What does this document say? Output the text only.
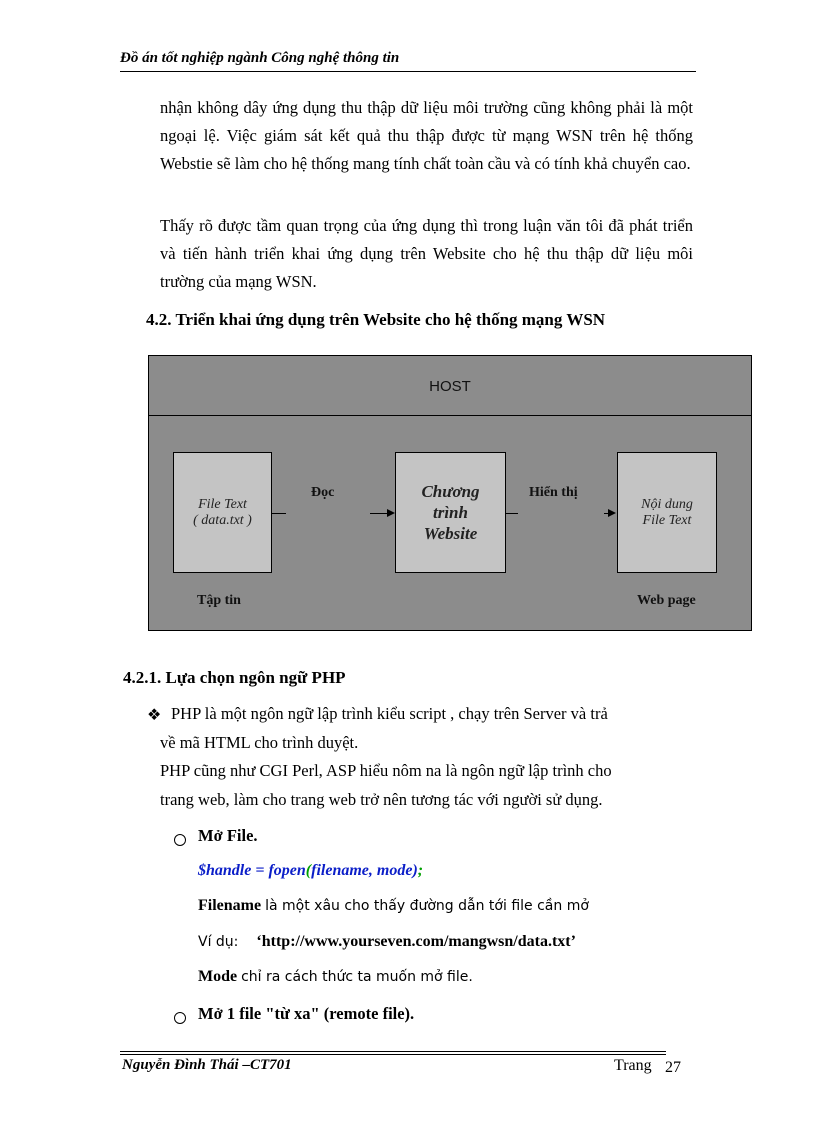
Đồ án tốt nghiệp ngành Công nghệ thông tin

nhận không dây ứng dụng thu thập dữ liệu môi trường cũng không phải là một ngoại lệ. Việc giám sát kết quả thu thập được từ mạng WSN trên hệ thống Webstie sẽ làm cho hệ thống mang tính chất toàn cầu và có tính khả chuyển cao.

Thấy rõ được tầm quan trọng của ứng dụng thì trong luận văn tôi đã phát triển và tiến hành triển khai ứng dụng trên Website cho hệ thu thập dữ liệu môi trường của mạng WSN.

4.2. Triển khai ứng dụng trên Website cho hệ thống mạng WSN
HOST
File Text
( data.txt )
Đọc	Chương
trình
Website
Hiển thị
Nội dung
File Text
Tập tin	Web page
4.2.1. Lựa chọn ngôn ngữ PHP
❖ PHP là một ngôn ngữ lập trình kiểu script , chạy trên Server và trả
về mã HTML cho trình duyệt.
PHP cũng như CGI Perl, ASP hiểu nôm na là ngôn ngữ lập trình cho
trang web, làm cho trang web trở nên tương tác với người sử dụng.
Mở File.
$handle = fopen(filename, mode);
Filename là một xâu cho thấy đường dẫn tới file cần mở
Ví dụ: ‘http://www.yourseven.com/mangwsn/data.txt’
Mode chỉ ra cách thức ta muốn mở file.
Mở 1 file "từ xa" (remote file).
Nguyễn Đình Thái –CT701	Trang 27
